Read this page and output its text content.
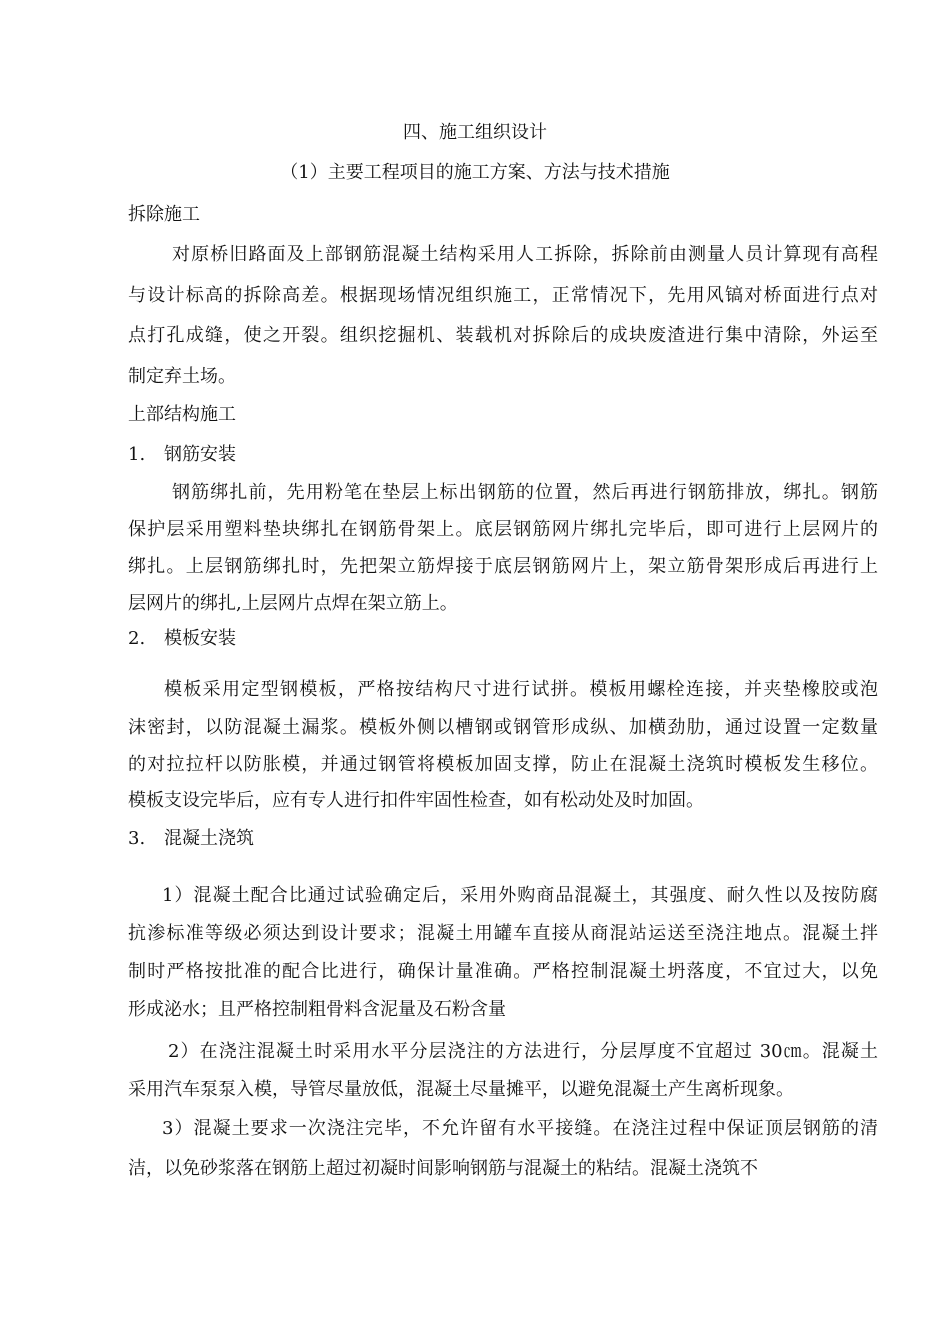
四、施工组织设计
（1）主要工程项目的施工方案、方法与技术措施
拆除施工
对原桥旧路面及上部钢筋混凝土结构采用人工拆除，拆除前由测量人员计算现有高程
与设计标高的拆除高差。根据现场情况组织施工，正常情况下，先用风镐对桥面进行点对
点打孔成缝，使之开裂。组织挖掘机、装载机对拆除后的成块废渣进行集中清除，外运至
制定弃土场。
上部结构施工
1. 钢筋安装
钢筋绑扎前，先用粉笔在垫层上标出钢筋的位置，然后再进行钢筋排放，绑扎。钢筋
保护层采用塑料垫块绑扎在钢筋骨架上。底层钢筋网片绑扎完毕后，即可进行上层网片的
绑扎。上层钢筋绑扎时，先把架立筋焊接于底层钢筋网片上，架立筋骨架形成后再进行上
层网片的绑扎,上层网片点焊在架立筋上。
2. 模板安装
模板采用定型钢模板，严格按结构尺寸进行试拼。模板用螺栓连接，并夹垫橡胶或泡
沫密封，以防混凝土漏浆。模板外侧以槽钢或钢管形成纵、加横劲肋，通过设置一定数量
的对拉拉杆以防胀模，并通过钢管将模板加固支撑，防止在混凝土浇筑时模板发生移位。
模板支设完毕后，应有专人进行扣件牢固性检查，如有松动处及时加固。
3. 混凝土浇筑
1）混凝土配合比通过试验确定后，采用外购商品混凝土，其强度、耐久性以及按防腐
抗渗标准等级必须达到设计要求；混凝土用罐车直接从商混站运送至浇注地点。混凝土拌
制时严格按批准的配合比进行，确保计量准确。严格控制混凝土坍落度，不宜过大，以免
形成泌水；且严格控制粗骨料含泥量及石粉含量
2）在浇注混凝土时采用水平分层浇注的方法进行，分层厚度不宜超过 30㎝。混凝土
采用汽车泵泵入模，导管尽量放低，混凝土尽量摊平，以避免混凝土产生离析现象。
3）混凝土要求一次浇注完毕，不允许留有水平接缝。在浇注过程中保证顶层钢筋的清
洁，以免砂浆落在钢筋上超过初凝时间影响钢筋与混凝土的粘结。混凝土浇筑不
